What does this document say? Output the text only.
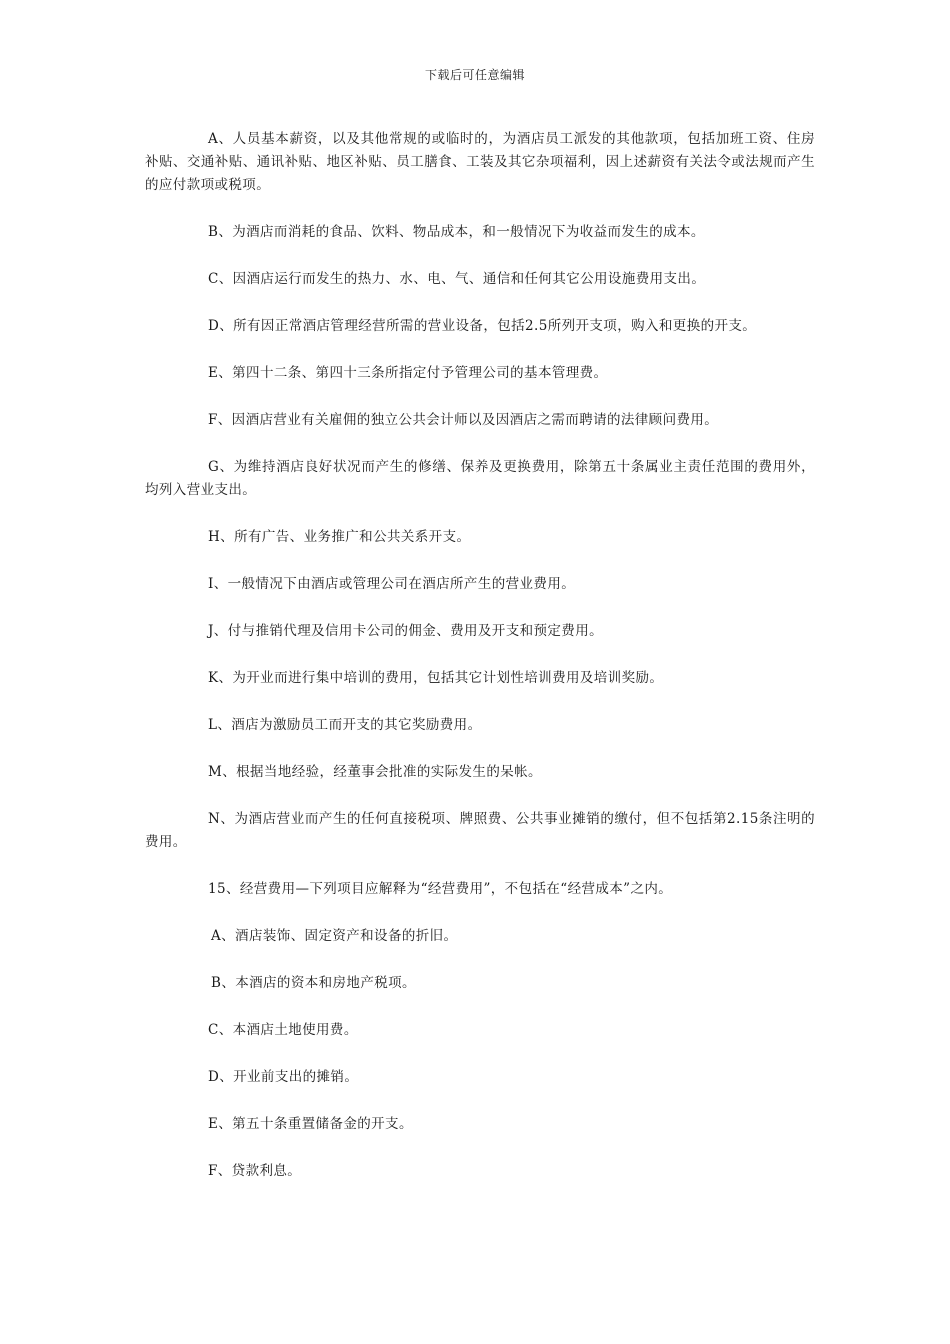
下载后可任意编辑

A、人员基本薪资，以及其他常规的或临时的，为酒店员工派发的其他款项，包括加班工资、住房补贴、交通补贴、通讯补贴、地区补贴、员工膳食、工装及其它杂项福利，因上述薪资有关法令或法规而产生的应付款项或税项。

B、为酒店而消耗的食品、饮料、物品成本，和一般情况下为收益而发生的成本。

C、因酒店运行而发生的热力、水、电、气、通信和任何其它公用设施费用支出。

D、所有因正常酒店管理经营所需的营业设备，包括2.5所列开支项，购入和更换的开支。

E、第四十二条、第四十三条所指定付予管理公司的基本管理费。

F、因酒店营业有关雇佣的独立公共会计师以及因酒店之需而聘请的法律顾问费用。

G、为维持酒店良好状况而产生的修缮、保养及更换费用，除第五十条属业主责任范围的费用外，均列入营业支出。

H、所有广告、业务推广和公共关系开支。

I、一般情况下由酒店或管理公司在酒店所产生的营业费用。

J、付与推销代理及信用卡公司的佣金、费用及开支和预定费用。

K、为开业而进行集中培训的费用，包括其它计划性培训费用及培训奖励。

L、酒店为激励员工而开支的其它奖励费用。

M、根据当地经验，经董事会批准的实际发生的呆帐。

N、为酒店营业而产生的任何直接税项、牌照费、公共事业摊销的缴付，但不包括第2.15条注明的费用。

15、经营费用—下列项目应解释为“经营费用”，不包括在“经营成本”之内。

A、酒店装饰、固定资产和设备的折旧。

B、本酒店的资本和房地产税项。

C、本酒店土地使用费。

D、开业前支出的摊销。

E、第五十条重置储备金的开支。

F、贷款利息。
